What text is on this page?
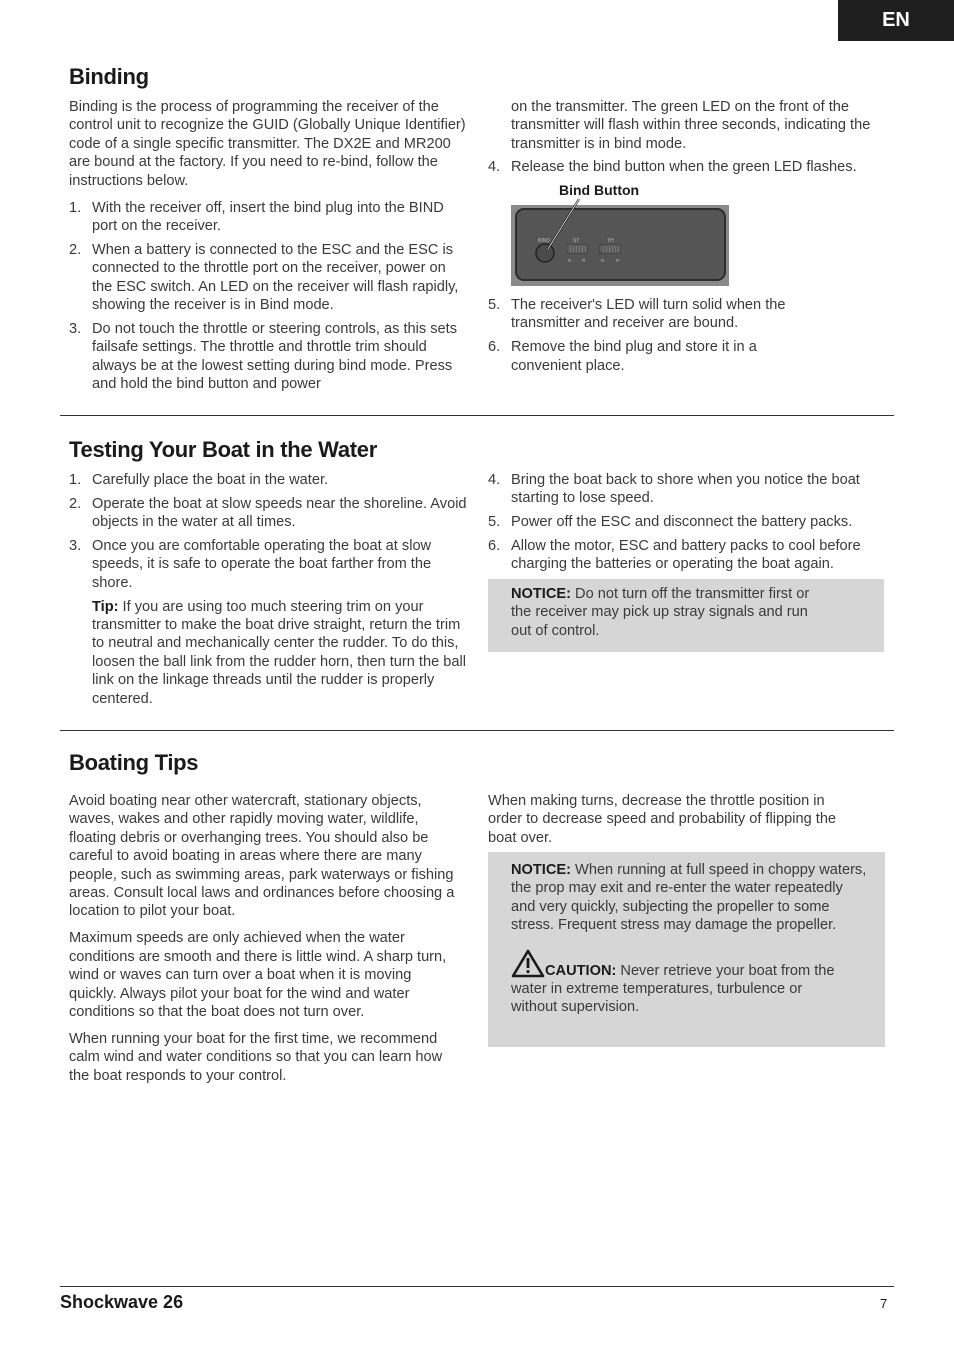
EN
Binding

Binding is the process of programming the receiver of the control unit to recognize the GUID (Globally Unique Identifier) code of a single specific transmitter. The DX2E and MR200 are bound at the factory. If you need to re-bind, follow the instructions below.

1. With the receiver off, insert the bind plug into the BIND port on the receiver.
2. When a battery is connected to the ESC and the ESC is connected to the throttle port on the receiver, power on the ESC switch. An LED on the receiver will flash rapidly, showing the receiver is in Bind mode.
3. Do not touch the throttle or steering controls, as this sets failsafe settings. The throttle and throttle trim should always be at the lowest setting during bind mode. Press and hold the bind button and power

on the transmitter. The green LED on the front of the transmitter will flash within three seconds, indicating the transmitter is in bind mode.

4. Release the bind button when the green LED flashes.
Bind Button
BIND	ST	TH
N R	N	R
5. The receiver's LED will turn solid when the transmitter and receiver are bound.
6. Remove the bind plug and store it in a convenient place.
Testing Your Boat in the Water
1. Carefully place the boat in the water.
2. Operate the boat at slow speeds near the shoreline. Avoid objects in the water at all times.
3. Once you are comfortable operating the boat at slow speeds, it is safe to operate the boat farther from the shore.

Tip: If you are using too much steering trim on your transmitter to make the boat drive straight, return the trim to neutral and mechanically center the rudder. To do this, loosen the ball link from the rudder horn, then turn the ball link on the linkage threads until the rudder is properly centered.

4. Bring the boat back to shore when you notice the boat starting to lose speed.
5. Power off the ESC and disconnect the battery packs.
6. Allow the motor, ESC and battery packs to cool before charging the batteries or operating the boat again.
NOTICE: Do not turn off the transmitter first or the receiver may pick up stray signals and run out of control.
Boating Tips

Avoid boating near other watercraft, stationary objects, waves, wakes and other rapidly moving water, wildlife, floating debris or overhanging trees. You should also be careful to avoid boating in areas where there are many people, such as swimming areas, park waterways or fishing areas. Consult local laws and ordinances before choosing a location to pilot your boat.

Maximum speeds are only achieved when the water conditions are smooth and there is little wind. A sharp turn, wind or waves can turn over a boat when it is moving quickly. Always pilot your boat for the wind and water conditions so that the boat does not turn over.

When running your boat for the first time, we recommend calm wind and water conditions so that you can learn how the boat responds to your control.

When making turns, decrease the throttle position in order to decrease speed and probability of flipping the boat over.

NOTICE: When running at full speed in choppy waters, the prop may exit and re-enter the water repeatedly and very quickly, subjecting the propeller to some stress. Frequent stress may damage the propeller.
CAUTION: Never retrieve your boat from the water in extreme temperatures, turbulence or without supervision.
Shockwave 26	7
